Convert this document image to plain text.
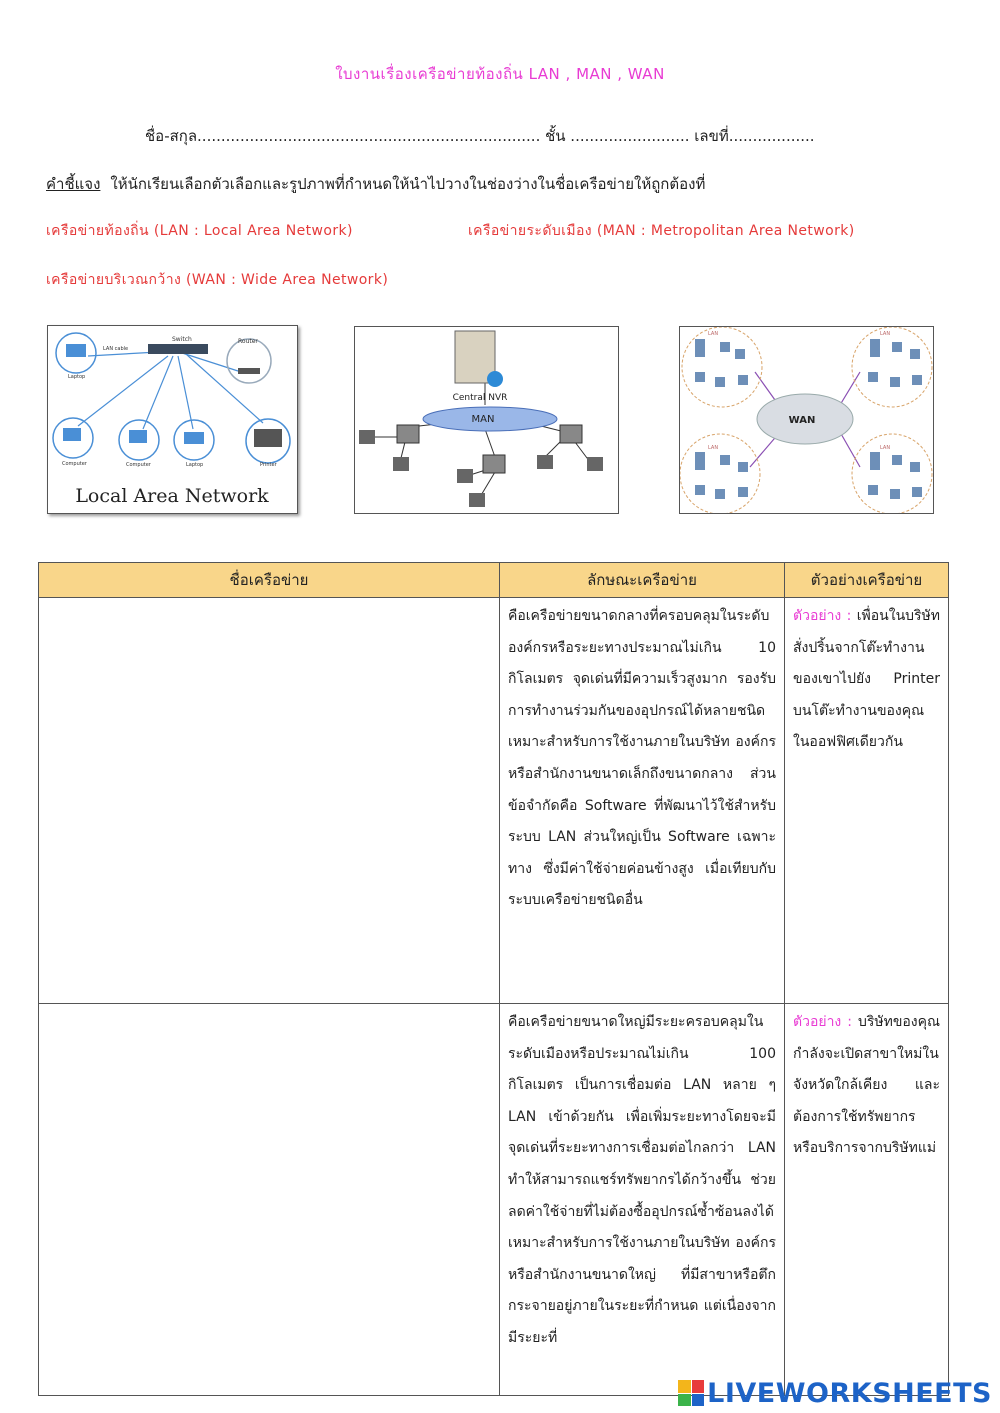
ใบงานเรื่องเครือข่ายท้องถิ่น LAN , MAN , WAN
ชื่อ-สกุล........................................................................ ชั้น ......................... เลขที่..................
คำชี้แจง ให้นักเรียนเลือกตัวเลือกและรูปภาพที่กำหนดให้นำไปวางในช่องว่างในชื่อเครือข่ายให้ถูกต้องที่
เครือข่ายท้องถิ่น (LAN : Local Area Network)	เครือข่ายระดับเมือง (MAN : Metropolitan Area Network)
เครือข่ายบริเวณกว้าง (WAN : Wide Area Network)
Switch	Router
LAN cable
Laptop
Computer	Computer	Laptop	Printer
Local Area Network
Central NVR
MAN	WAN
LAN	LAN
LAN	LAN
ชื่อเครือข่าย	ลักษณะเครือข่าย	ตัวอย่างเครือข่าย
	คือเครือข่ายขนาดกลางที่ครอบคลุมในระดับองค์กรหรือระยะทางประมาณไม่เกิน 10 กิโลเมตร จุดเด่นที่มีความเร็วสูงมาก รองรับการทำงานร่วมกันของอุปกรณ์ได้หลายชนิด เหมาะสำหรับการใช้งานภายในบริษัท องค์กร หรือสำนักงานขนาดเล็กถึงขนาดกลาง ส่วนข้อจำกัดคือ Software ที่พัฒนาไว้ใช้สำหรับระบบ LAN ส่วนใหญ่เป็น Software เฉพาะทาง ซึ่งมีค่าใช้จ่ายค่อนข้างสูง เมื่อเทียบกับระบบเครือข่ายชนิดอื่น	ตัวอย่าง : เพื่อนในบริษัทสั่งปริ้นจากโต๊ะทำงานของเขาไปยัง Printer บนโต๊ะทำงานของคุณในออฟฟิศเดียวกัน

	คือเครือข่ายขนาดใหญ่มีระยะครอบคลุมในระดับเมืองหรือประมาณไม่เกิน 100 กิโลเมตร เป็นการเชื่อมต่อ LAN หลาย ๆ LAN เข้าด้วยกัน เพื่อเพิ่มระยะทางโดยจะมีจุดเด่นที่ระยะทางการเชื่อมต่อไกลกว่า LAN ทำให้สามารถแชร์ทรัพยากรได้กว้างขึ้น ช่วยลดค่าใช้จ่ายที่ไม่ต้องซื้ออุปกรณ์ซ้ำซ้อนลงได้ เหมาะสำหรับการใช้งานภายในบริษัท องค์กร หรือสำนักงานขนาดใหญ่ ที่มีสาขาหรือตึกกระจายอยู่ภายในระยะที่กำหนด แต่เนื่องจากมีระยะที่	ตัวอย่าง : บริษัทของคุณกำลังจะเปิดสาขาใหม่ในจังหวัดใกล้เคียง และต้องการใช้ทรัพยากรหรือบริการจากบริษัทแม่
LIVEWORKSHEETS
